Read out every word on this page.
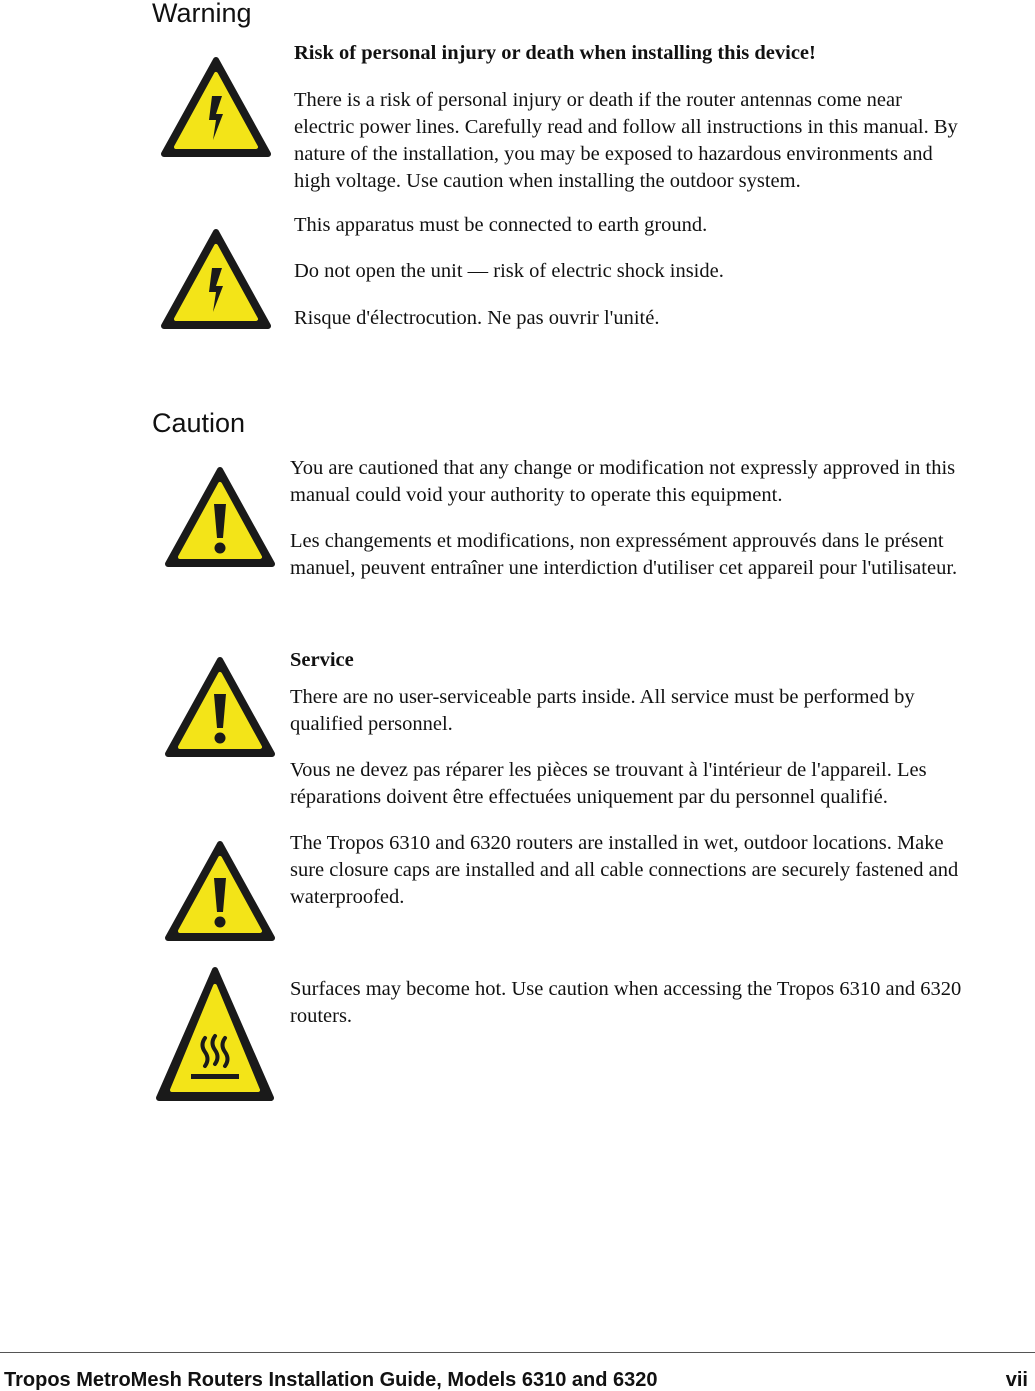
Warning
Risk of personal injury or death when installing this device!
There is a risk of personal injury or death if the router antennas come near
electric power lines. Carefully read and follow all instructions in this manual. By
nature of the installation, you may be exposed to hazardous environments and
high voltage. Use caution when installing the outdoor system.
This apparatus must be connected to earth ground.
Do not open the unit — risk of electric shock inside.
Risque d'électrocution. Ne pas ouvrir l'unité.
Caution
You are cautioned that any change or modification not expressly approved in this
manual could void your authority to operate this equipment.
Les changements et modifications, non expressément approuvés dans le présent
manuel, peuvent entraîner une interdiction d'utiliser cet appareil pour l'utilisateur.
Service
There are no user-serviceable parts inside. All service must be performed by
qualified personnel.
Vous ne devez pas réparer les pièces se trouvant à l'intérieur de l'appareil. Les
réparations doivent être effectuées uniquement par du personnel qualifié.
The Tropos 6310 and 6320 routers are installed in wet, outdoor locations. Make
sure closure caps are installed and all cable connections are securely fastened and
waterproofed.
Surfaces may become hot. Use caution when accessing the Tropos 6310 and 6320
routers.
Tropos MetroMesh Routers Installation Guide, Models 6310 and 6320	vii
